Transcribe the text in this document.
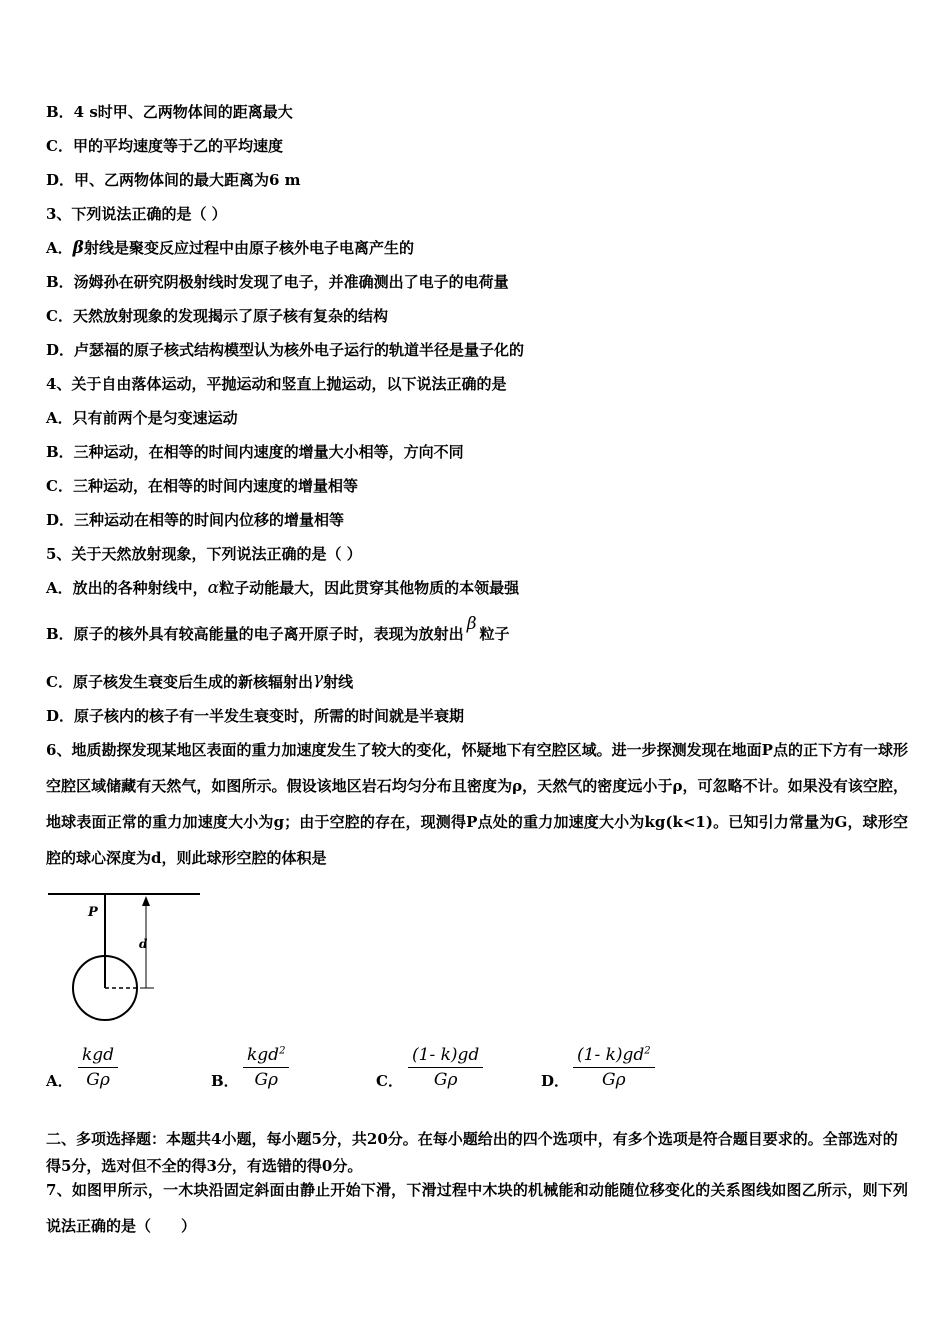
B．4 s时甲、乙两物体间的距离最大
C．甲的平均速度等于乙的平均速度
D．甲、乙两物体间的最大距离为6 m
3、下列说法正确的是（ ）
A．β射线是聚变反应过程中由原子核外电子电离产生的
B．汤姆孙在研究阴极射线时发现了电子，并准确测出了电子的电荷量
C．天然放射现象的发现揭示了原子核有复杂的结构
D．卢瑟福的原子核式结构模型认为核外电子运行的轨道半径是量子化的
4、关于自由落体运动，平抛运动和竖直上抛运动，以下说法正确的是
A．只有前两个是匀变速运动
B．三种运动，在相等的时间内速度的增量大小相等，方向不同
C．三种运动，在相等的时间内速度的增量相等
D．三种运动在相等的时间内位移的增量相等
5、关于天然放射现象，下列说法正确的是（ ）
A．放出的各种射线中，α粒子动能最大，因此贯穿其他物质的本领最强
B．原子的核外具有较高能量的电子离开原子时，表现为放射出 β 粒子
C．原子核发生衰变后生成的新核辐射出γ射线
D．原子核内的核子有一半发生衰变时，所需的时间就是半衰期
6、地质勘探发现某地区表面的重力加速度发生了较大的变化，怀疑地下有空腔区域。进一步探测发现在地面P点的正下方有一球形空腔区域储藏有天然气，如图所示。假设该地区岩石均匀分布且密度为ρ，天然气的密度远小于ρ，可忽略不计。如果没有该空腔，地球表面正常的重力加速度大小为g；由于空腔的存在，现测得P点处的重力加速度大小为kg(k<1)。已知引力常量为G，球形空腔的球心深度为d，则此球形空腔的体积是
P
d
A．
kgd
Gρ	B．
kgd$^2$
Gρ	C． $\frac{(1- k)gd}{G\rho}$	D． $\frac{(1- k)gd^2}{G\rho}$
二、多项选择题：本题共4小题，每小题5分，共20分。在每小题给出的四个选项中，有多个选项是符合题目要求的。全部选对的得5分，选对但不全的得3分，有选错的得0分。
7、如图甲所示，一木块沿固定斜面由静止开始下滑，下滑过程中木块的机械能和动能随位移变化的关系图线如图乙所示，则下列说法正确的是（　　）
